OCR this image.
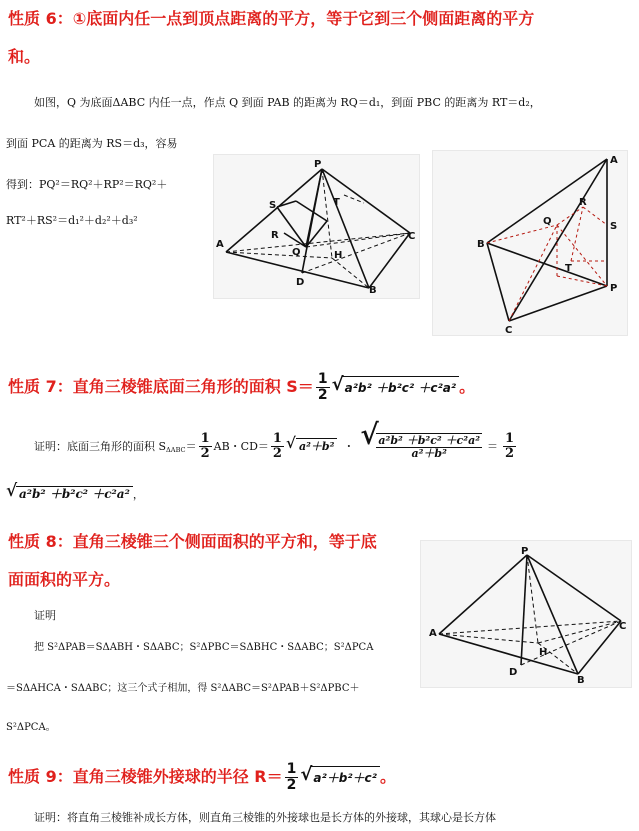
性质 6：①底面内任一点到顶点距离的平方，等于它到三个侧面距离的平方
和。
如图，Q 为底面ΔABC 内任一点，作点 Q 到面 PAB 的距离为 RQ＝d₁，到面 PBC 的距离为 RT＝d₂，
到面 PCA 的距离为 RS＝d₃，容易
得到：PQ²＝RQ²＋RP²＝RQ²＋
RT²＋RS²＝d₁²＋d₂²＋d₃²
P
S	T
R
Q	H
A
C
D
B
A
Q
R
S
B
T
P
C
性质 7：直角三棱锥底面三角形的面积 $S= \frac{1}{2}$ √ a²b² ＋b²c² ＋c²a² 。
证明：底面三角形的面积 $S_{\Delta ABC} = \frac{1}{2}$ AB・$CD= \frac{1}{2}$ √ a²＋b² ・ √
$\frac{\text{a²b² ＋b²c² ＋c²a²}}{\text{a²＋b²}} = \frac{1}{2}$
√ a²b² ＋b²c² ＋c²a² ，
性质 8：直角三棱锥三个侧面面积的平方和，等于底
面面积的平方。
证明
把 S²ΔPAB＝SΔABH・SΔABC；S²ΔPBC＝SΔBHC・SΔABC；S²ΔPCA
＝SΔAHCA・SΔABC；这三个式子相加，得 S²ΔABC＝S²ΔPAB＋S²ΔPBC＋
S²ΔPCA。
P
A
H
C
D
B
性质 9：直角三棱锥外接球的半径 $R= \frac{1}{2}$ √ a²＋b²＋c² 。
证明：将直角三棱锥补成长方体，则直角三棱锥的外接球也是长方体的外接球，其球心是长方体
